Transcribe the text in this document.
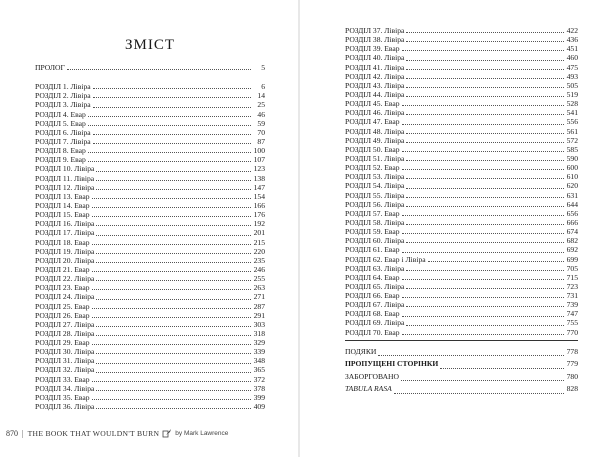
ЗМІСТ
ПРОЛОГ	5
РОЗДІЛ 1. Лівіра	6
РОЗДІЛ 2. Лівіра	14
РОЗДІЛ 3. Лівіра	25
РОЗДІЛ 4. Евар	46
РОЗДІЛ 5. Евар	59
РОЗДІЛ 6. Лівіра	70
РОЗДІЛ 7. Лівіра	87
РОЗДІЛ 8. Евар	100
РОЗДІЛ 9. Евар	107
РОЗДІЛ 10. Лівіра	123
РОЗДІЛ 11. Лівіра	138
РОЗДІЛ 12. Лівіра	147
РОЗДІЛ 13. Евар	154
РОЗДІЛ 14. Евар	166
РОЗДІЛ 15. Евар	176
РОЗДІЛ 16. Лівіра	192
РОЗДІЛ 17. Лівіра	201
РОЗДІЛ 18. Евар	215
РОЗДІЛ 19. Лівіра	220
РОЗДІЛ 20. Лівіра	235
РОЗДІЛ 21. Евар	246
РОЗДІЛ 22. Лівіра	255
РОЗДІЛ 23. Евар	263
РОЗДІЛ 24. Лівіра	271
РОЗДІЛ 25. Евар	287
РОЗДІЛ 26. Евар	291
РОЗДІЛ 27. Лівіра	303
РОЗДІЛ 28. Лівіра	318
РОЗДІЛ 29. Евар	329
РОЗДІЛ 30. Лівіра	339
РОЗДІЛ 31. Лівіра	348
РОЗДІЛ 32. Лівіра	365
РОЗДІЛ 33. Евар	372
РОЗДІЛ 34. Лівіра	378
РОЗДІЛ 35. Евар	399
РОЗДІЛ 36. Лівіра	409
870 | THE BOOK THAT WOULDN'T BURN by Mark Lawrence
РОЗДІЛ 37. Лівіра	422
РОЗДІЛ 38. Лівіра	436
РОЗДІЛ 39. Евар	451
РОЗДІЛ 40. Лівіра	460
РОЗДІЛ 41. Лівіра	475
РОЗДІЛ 42. Лівіра	493
РОЗДІЛ 43. Лівіра	505
РОЗДІЛ 44. Лівіра	519
РОЗДІЛ 45. Евар	528
РОЗДІЛ 46. Лівіра	541
РОЗДІЛ 47. Евар	556
РОЗДІЛ 48. Лівіра	561
РОЗДІЛ 49. Лівіра	572
РОЗДІЛ 50. Евар	585
РОЗДІЛ 51. Лівіра	590
РОЗДІЛ 52. Евар	600
РОЗДІЛ 53. Лівіра	610
РОЗДІЛ 54. Лівіра	620
РОЗДІЛ 55. Лівіра	631
РОЗДІЛ 56. Лівіра	644
РОЗДІЛ 57. Евар	656
РОЗДІЛ 58. Лівіра	666
РОЗДІЛ 59. Евар	674
РОЗДІЛ 60. Лівіра	682
РОЗДІЛ 61. Евар	692
РОЗДІЛ 62. Евар і Лівіра	699
РОЗДІЛ 63. Лівіра	705
РОЗДІЛ 64. Евар	715
РОЗДІЛ 65. Лівіра	723
РОЗДІЛ 66. Евар	731
РОЗДІЛ 67. Лівіра	739
РОЗДІЛ 68. Евар	747
РОЗДІЛ 69. Лівіра	755
РОЗДІЛ 70. Евар	770
ПОДЯКИ	778
ПРОПУЩЕНІ СТОРІНКИ	779
ЗАБОРГОВАНО	780
TABULA RASA	828
